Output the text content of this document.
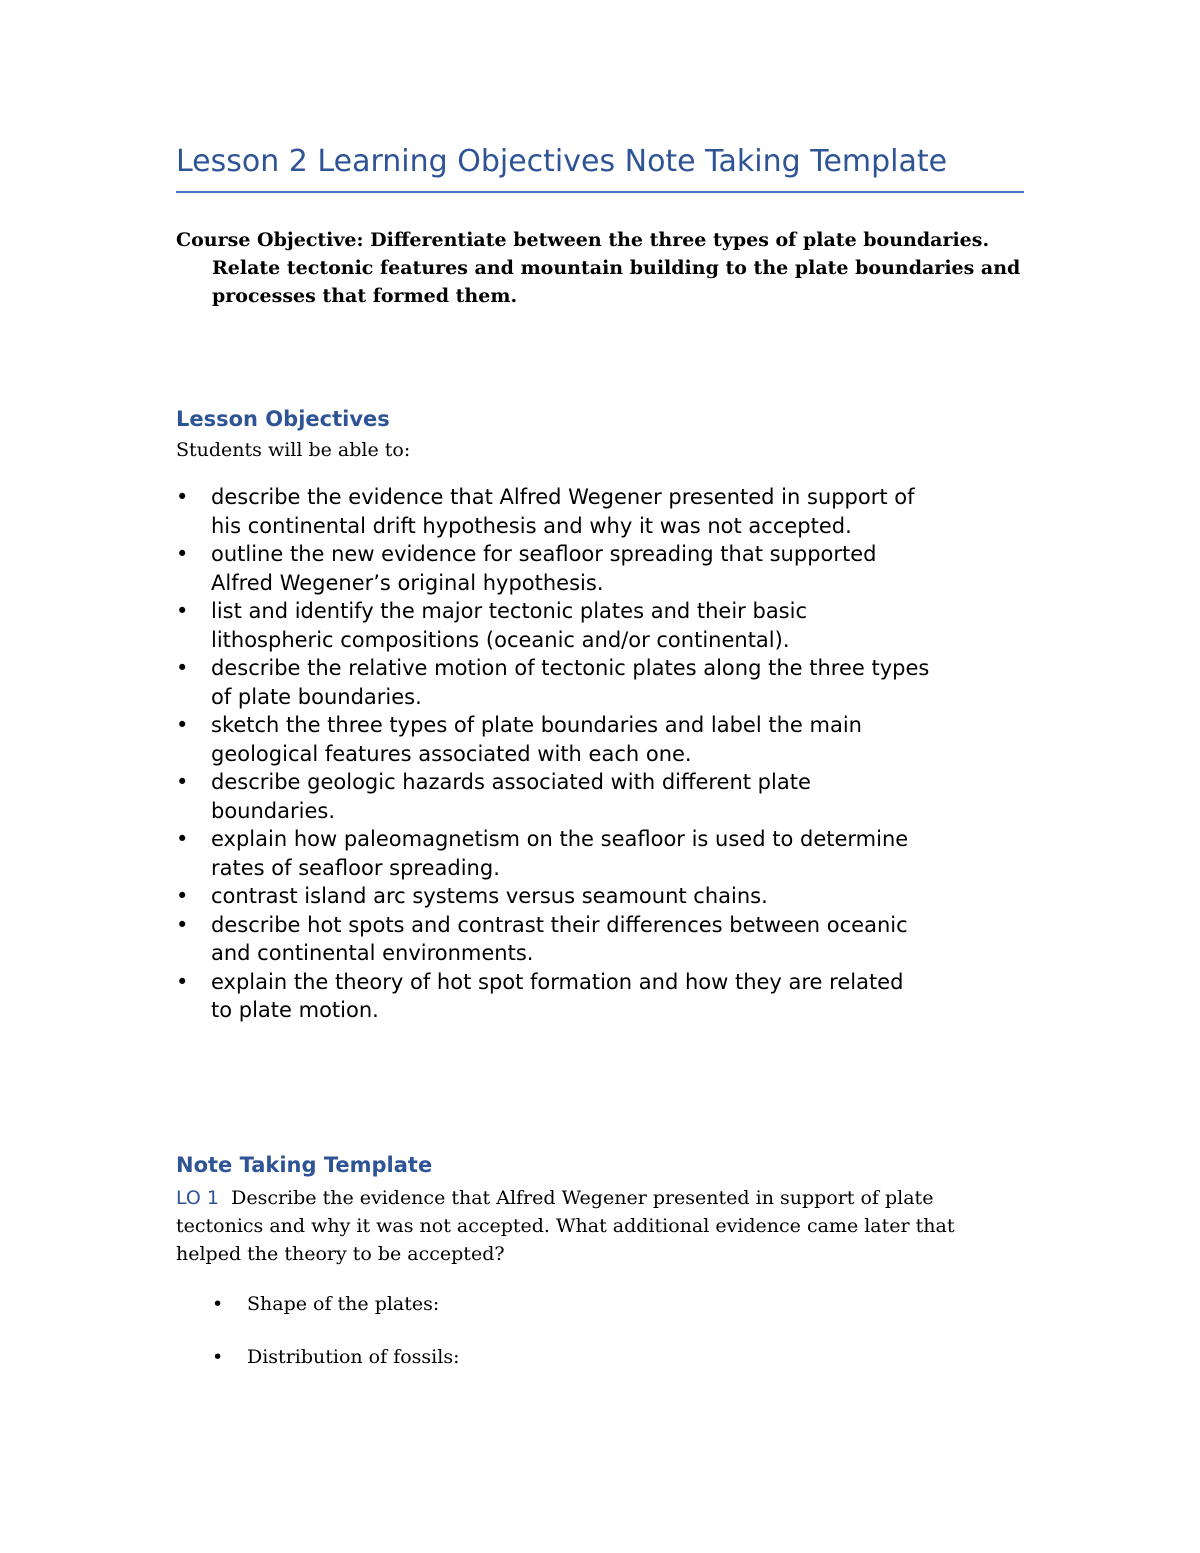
Lesson 2 Learning Objectives Note Taking Template
Course Objective: Differentiate between the three types of plate boundaries.
Relate tectonic features and mountain building to the plate boundaries and
processes that formed them.
Lesson Objectives
Students will be able to:
•	describe the evidence that Alfred Wegener presented in support of
his continental drift hypothesis and why it was not accepted.
•	outline the new evidence for seafloor spreading that supported
Alfred Wegener’s original hypothesis.
•	list and identify the major tectonic plates and their basic
lithospheric compositions (oceanic and/or continental).
•	describe the relative motion of tectonic plates along the three types
of plate boundaries.
•	sketch the three types of plate boundaries and label the main
geological features associated with each one.
•	describe geologic hazards associated with different plate
boundaries.
•	explain how paleomagnetism on the seafloor is used to determine
rates of seafloor spreading.
•	contrast island arc systems versus seamount chains.
•	describe hot spots and contrast their differences between oceanic
and continental environments.
•	explain the theory of hot spot formation and how they are related
to plate motion.
Note Taking Template
LO 1 Describe the evidence that Alfred Wegener presented in support of plate
tectonics and why it was not accepted. What additional evidence came later that
helped the theory to be accepted?
• Shape of the plates:
• Distribution of fossils:
